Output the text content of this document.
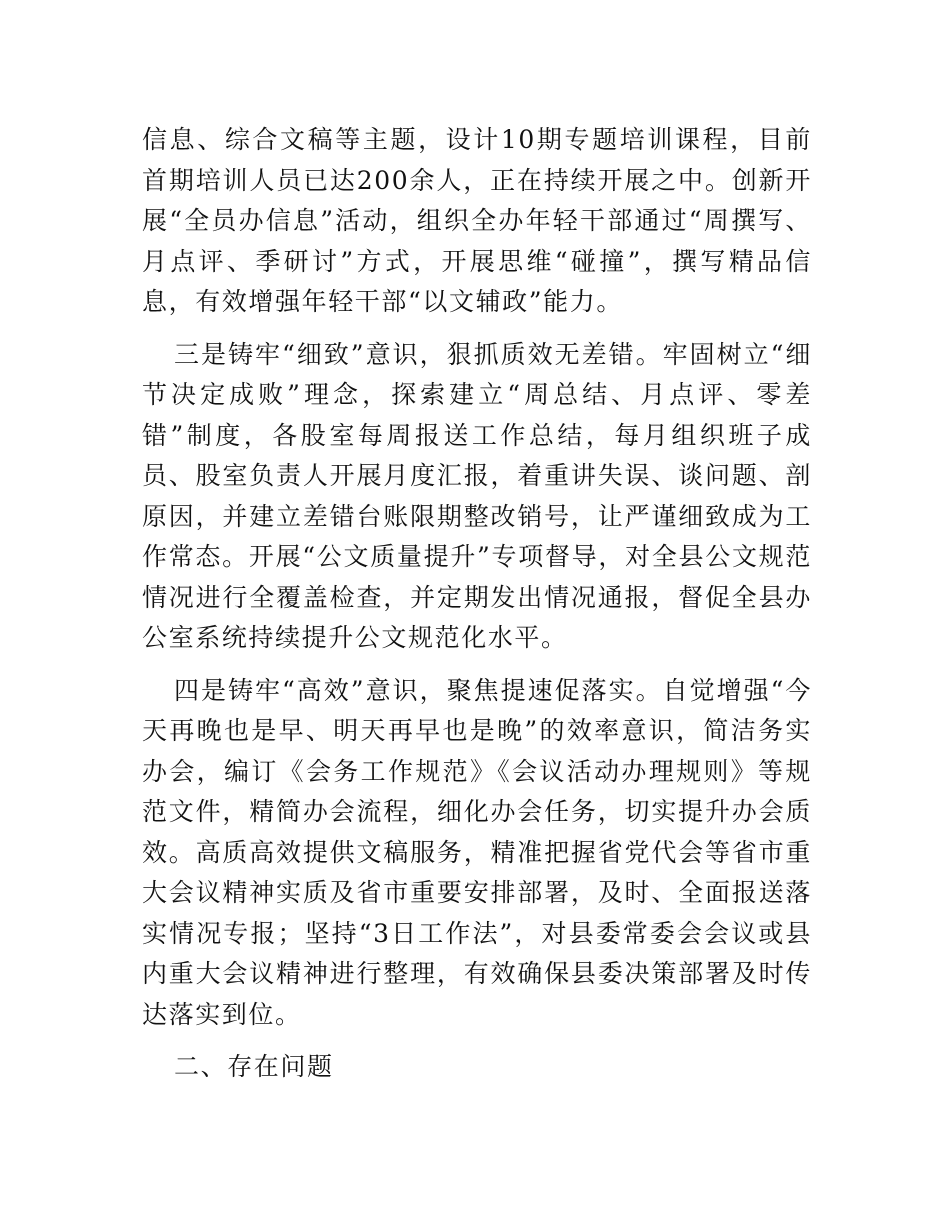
信息、综合文稿等主题，设计10期专题培训课程，目前首期培训人员已达200余人，正在持续开展之中。创新开展“全员办信息”活动，组织全办年轻干部通过“周撰写、月点评、季研讨”方式，开展思维“碰撞”，撰写精品信息，有效增强年轻干部“以文辅政”能力。

三是铸牢“细致”意识，狠抓质效无差错。牢固树立“细节决定成败”理念，探索建立“周总结、月点评、零差错”制度，各股室每周报送工作总结，每月组织班子成员、股室负责人开展月度汇报，着重讲失误、谈问题、剖原因，并建立差错台账限期整改销号，让严谨细致成为工作常态。开展“公文质量提升”专项督导，对全县公文规范情况进行全覆盖检查，并定期发出情况通报，督促全县办公室系统持续提升公文规范化水平。

四是铸牢“高效”意识，聚焦提速促落实。自觉增强“今天再晚也是早、明天再早也是晚”的效率意识，简洁务实办会，编订《会务工作规范》《会议活动办理规则》等规范文件，精简办会流程，细化办会任务，切实提升办会质效。高质高效提供文稿服务，精准把握省党代会等省市重大会议精神实质及省市重要安排部署，及时、全面报送落实情况专报；坚持“3日工作法”，对县委常委会会议或县内重大会议精神进行整理，有效确保县委决策部署及时传达落实到位。

二、存在问题
